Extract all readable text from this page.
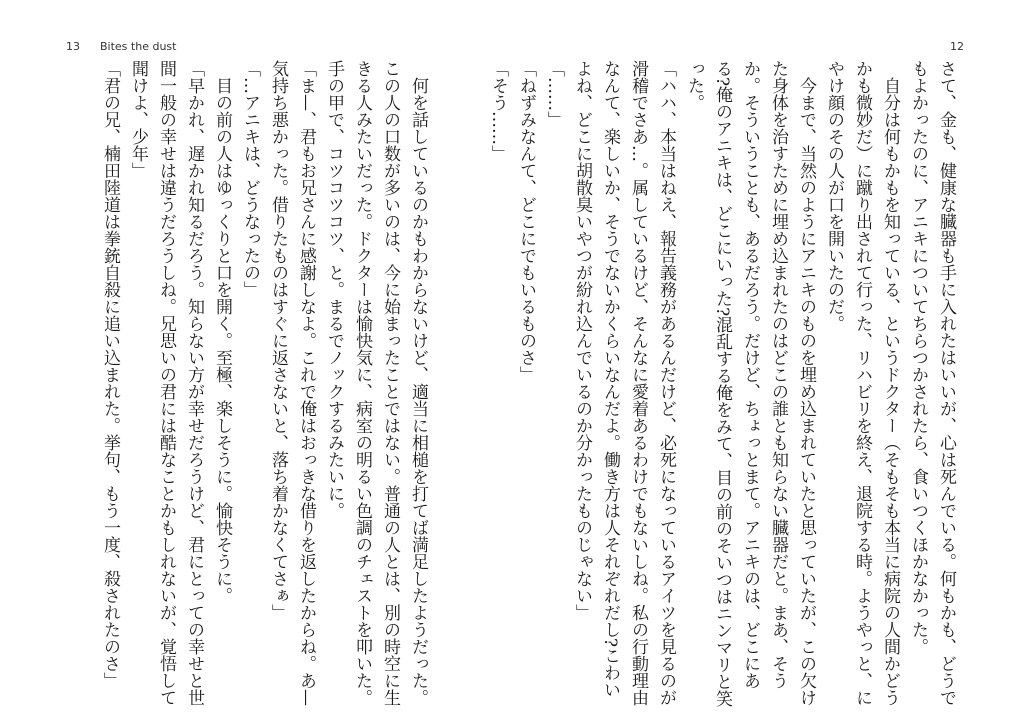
13 Bites the dust	12

さて、金も、健康な臓器も手に入れたはいいが、心は死んでいる。何もかも、どうでもよかったのに、アニキについてちらつかされたら、食いつくほかなかった。

　自分は何もかもを知っている、というドクター（そもそも本当に病院の人間かどうかも微妙だ）に蹴り出されて行った、リハビリを終え、退院する時。ようやっと、にやけ顔のその人が口を開いたのだ。

　今まで、当然のようにアニキのものを埋め込まれていたと思っていたが、この欠けた身体を治すために埋め込まれたのはどこの誰とも知らない臓器だと。まあ、そうか。そういうことも、あるだろう。だけど、ちょっとまて。アニキのは、どこにある?俺のアニキは、どこにいった?混乱する俺をみて、目の前のそいつはニンマリと笑った。

「ハハ、本当はねえ、報告義務があるんだけど、必死になっているアイツを見るのが滑稽でさあ…。属しているけど、そんなに愛着あるわけでもないしね。私の行動理由なんて、楽しいか、そうでないかくらいなんだよ。働き方は人それぞれだし?こわいよね、どこに胡散臭いやつが紛れ込んでいるのか分かったものじゃない」

「……」

「ねずみなんて、どこにでもいるものさ」

「そう……」

　何を話しているのかもわからないけど、適当に相槌を打てば満足したようだった。この人の口数が多いのは、今に始まったことではない。普通の人とは、別の時空に生きる人みたいだった。ドクターは愉快気に、病室の明るい色調のチェストを叩いた。手の甲で、コツコツコツ、と。まるでノックするみたいに。

「ま—、君もお兄さんに感謝しなよ。これで俺はおっきな借りを返したからね。あ—気持ち悪かった。借りたものはすぐに返さないと、落ち着かなくてさぁ」

「…アニキは、どうなったの」

　目の前の人はゆっくりと口を開く。至極、楽しそうに。愉快そうに。

「早かれ、遅かれ知るだろう。知らない方が幸せだろうけど、君にとっての幸せと世間一般の幸せは違うだろうしね。兄思いの君には酷なことかもしれないが、覚悟して聞けよ、少年」

「君の兄、楠田陸道は拳銃自殺に追い込まれた。挙句、もう一度、殺されたのさ」
